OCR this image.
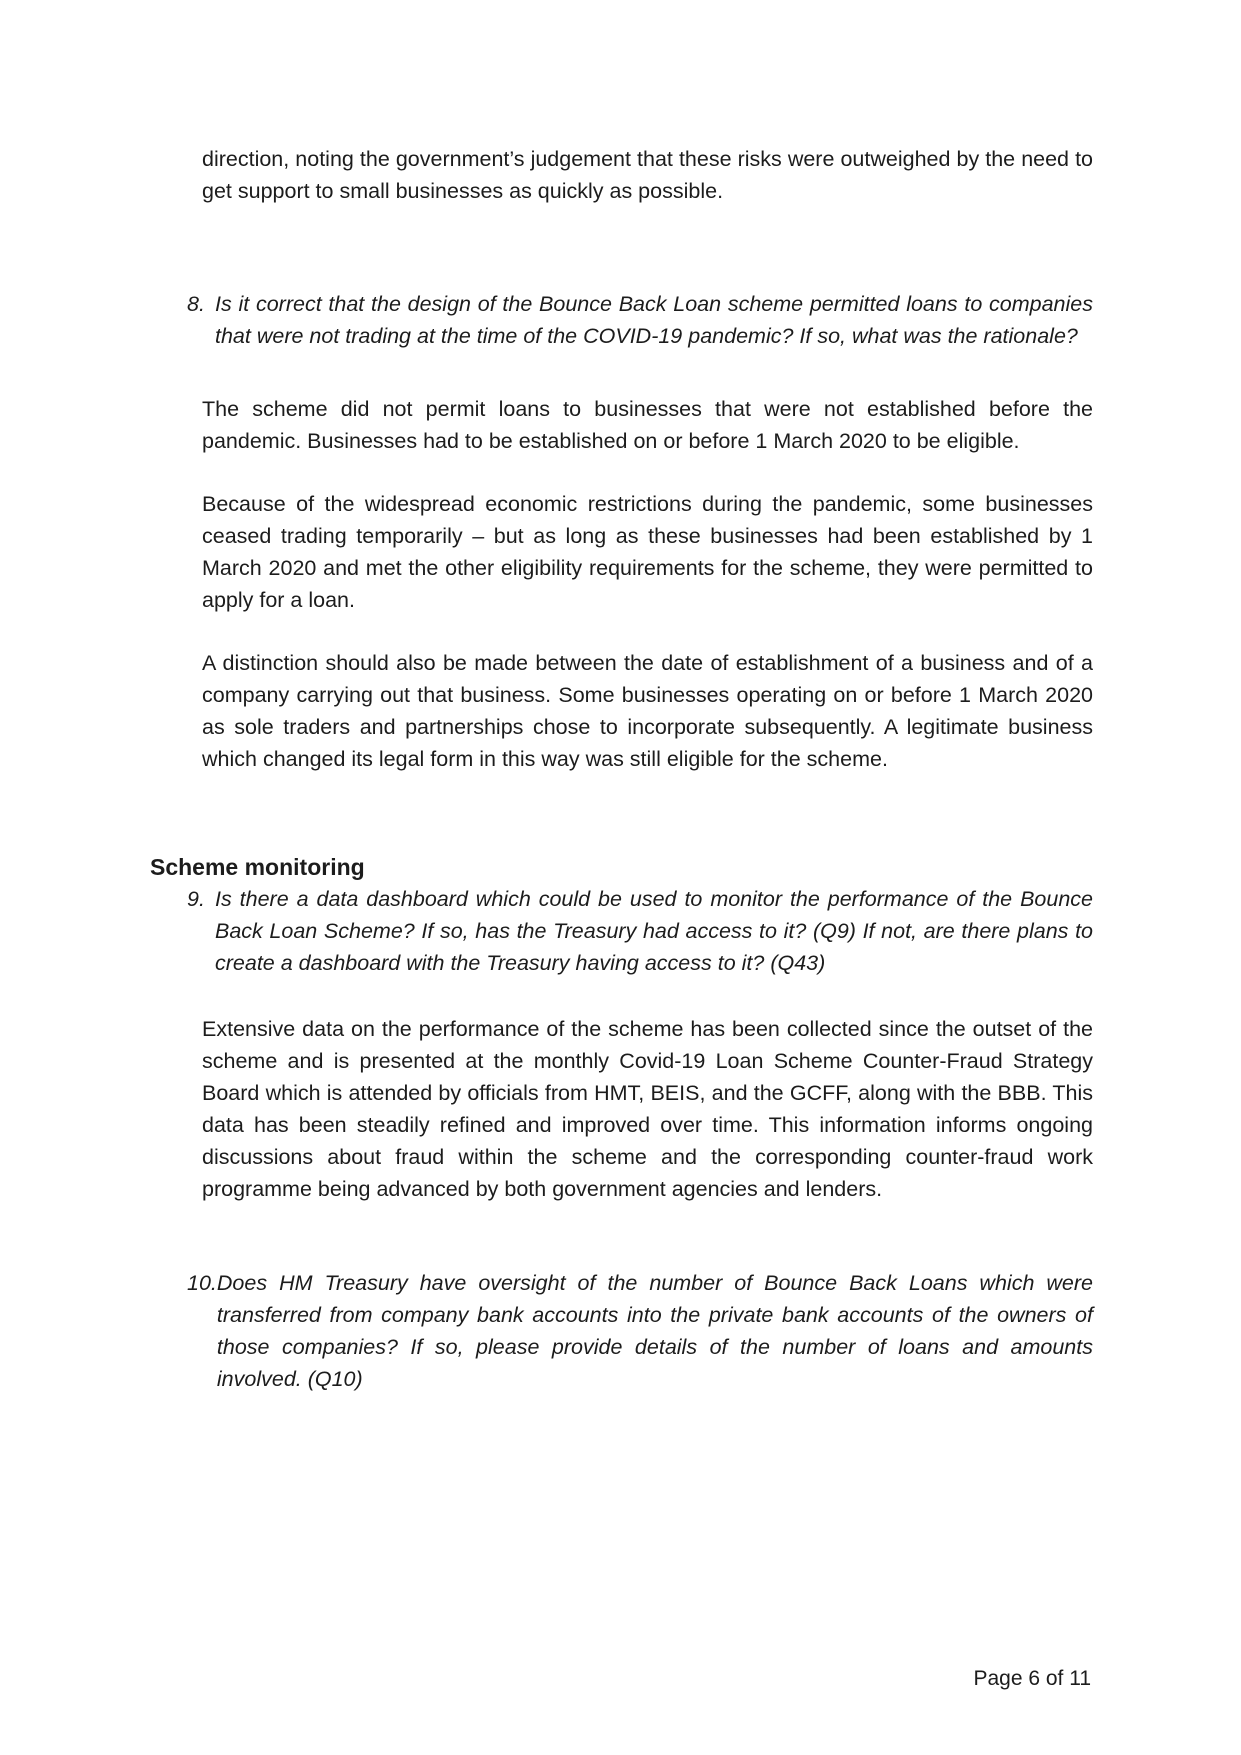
direction, noting the government’s judgement that these risks were outweighed by the need to get support to small businesses as quickly as possible.

8. Is it correct that the design of the Bounce Back Loan scheme permitted loans to companies that were not trading at the time of the COVID-19 pandemic? If so, what was the rationale?

The scheme did not permit loans to businesses that were not established before the pandemic. Businesses had to be established on or before 1 March 2020 to be eligible.

Because of the widespread economic restrictions during the pandemic, some businesses ceased trading temporarily – but as long as these businesses had been established by 1 March 2020 and met the other eligibility requirements for the scheme, they were permitted to apply for a loan.

A distinction should also be made between the date of establishment of a business and of a company carrying out that business. Some businesses operating on or before 1 March 2020 as sole traders and partnerships chose to incorporate subsequently. A legitimate business which changed its legal form in this way was still eligible for the scheme.

Scheme monitoring
9. Is there a data dashboard which could be used to monitor the performance of the Bounce Back Loan Scheme? If so, has the Treasury had access to it? (Q9) If not, are there plans to create a dashboard with the Treasury having access to it? (Q43)

Extensive data on the performance of the scheme has been collected since the outset of the scheme and is presented at the monthly Covid-19 Loan Scheme Counter-Fraud Strategy Board which is attended by officials from HMT, BEIS, and the GCFF, along with the BBB. This data has been steadily refined and improved over time. This information informs ongoing discussions about fraud within the scheme and the corresponding counter-fraud work programme being advanced by both government agencies and lenders.

10. Does HM Treasury have oversight of the number of Bounce Back Loans which were transferred from company bank accounts into the private bank accounts of the owners of those companies? If so, please provide details of the number of loans and amounts involved. (Q10)
Page 6 of 11
